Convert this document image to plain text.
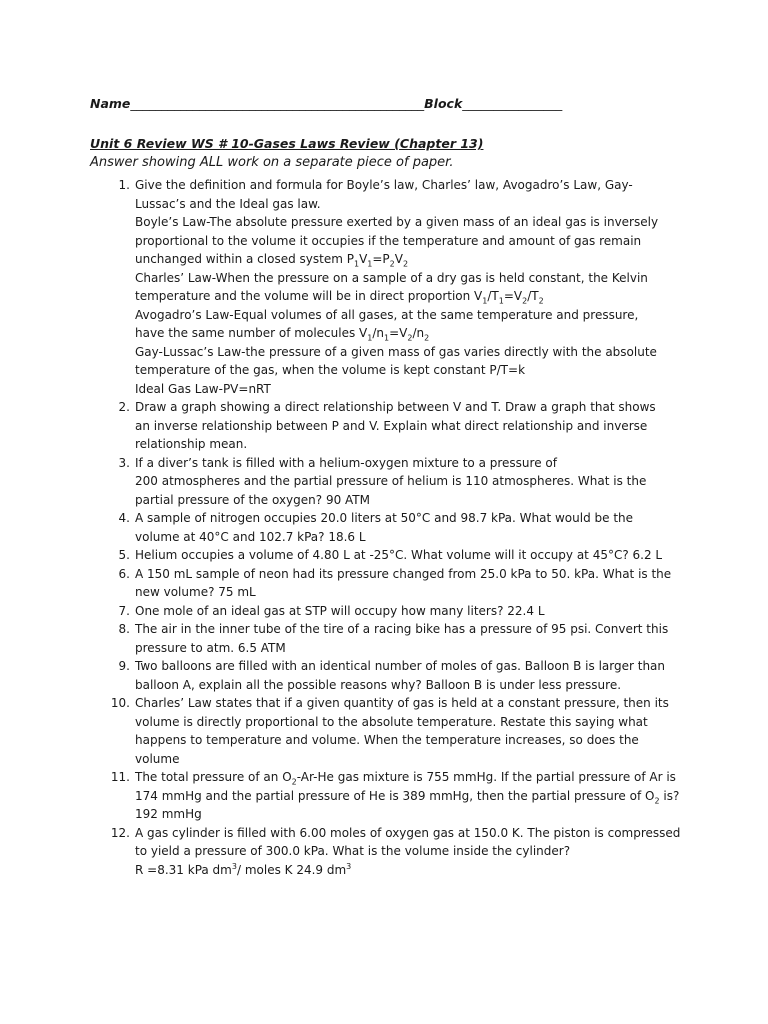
Name_______________________________________________Block________________
Unit 6 Review WS # 10-Gases Laws Review (Chapter 13)
Answer showing ALL work on a separate piece of paper.
1. Give the definition and formula for Boyle’s law, Charles’ law, Avogadro’s Law, Gay-
Lussac’s and the Ideal gas law.
Boyle’s Law-The absolute pressure exerted by a given mass of an ideal gas is inversely
proportional to the volume it occupies if the temperature and amount of gas remain
unchanged within a closed system $P_1V_1=P_2V_2$
Charles’ Law-When the pressure on a sample of a dry gas is held constant, the Kelvin
temperature and the volume will be in direct proportion $V_1/T_1=V_2/T_2$
Avogadro’s Law-Equal volumes of all gases, at the same temperature and pressure,
have the same number of molecules $V_1/n_1=V_2/n_2$
Gay-Lussac’s Law-the pressure of a given mass of gas varies directly with the absolute
temperature of the gas, when the volume is kept constant P/T=k
Ideal Gas Law-PV=nRT
2. Draw a graph showing a direct relationship between V and T. Draw a graph that shows
an inverse relationship between P and V. Explain what direct relationship and inverse
relationship mean.
3. If a diver’s tank is filled with a helium-oxygen mixture to a pressure of
200 atmospheres and the partial pressure of helium is 110 atmospheres. What is the
partial pressure of the oxygen? 90 ATM
4. A sample of nitrogen occupies 20.0 liters at 50°C and 98.7 kPa. What would be the
volume at 40°C and 102.7 kPa? 18.6 L
5. Helium occupies a volume of 4.80 L at -25°C. What volume will it occupy at 45°C? 6.2 L
6. A 150 mL sample of neon had its pressure changed from 25.0 kPa to 50. kPa. What is the
new volume? 75 mL
7. One mole of an ideal gas at STP will occupy how many liters? 22.4 L
8. The air in the inner tube of the tire of a racing bike has a pressure of 95 psi. Convert this
pressure to atm. 6.5 ATM
9. Two balloons are filled with an identical number of moles of gas. Balloon B is larger than
balloon A, explain all the possible reasons why? Balloon B is under less pressure.
10. Charles’ Law states that if a given quantity of gas is held at a constant pressure, then its
volume is directly proportional to the absolute temperature. Restate this saying what
happens to temperature and volume. When the temperature increases, so does the
volume
11. The total pressure of an $O_2-Ar-He$ gas mixture is 755 mmHg. If the partial pressure of Ar is
174 mmHg and the partial pressure of He is 389 mmHg, then the partial pressure of $O_2$ is?
192 mmHg
12. A gas cylinder is filled with 6.00 moles of oxygen gas at 150.0 K. The piston is compressed
to yield a pressure of 300.0 kPa. What is the volume inside the cylinder?
R =8.31 kPa $dm^3/$ moles K 24.9 $dm^3$
